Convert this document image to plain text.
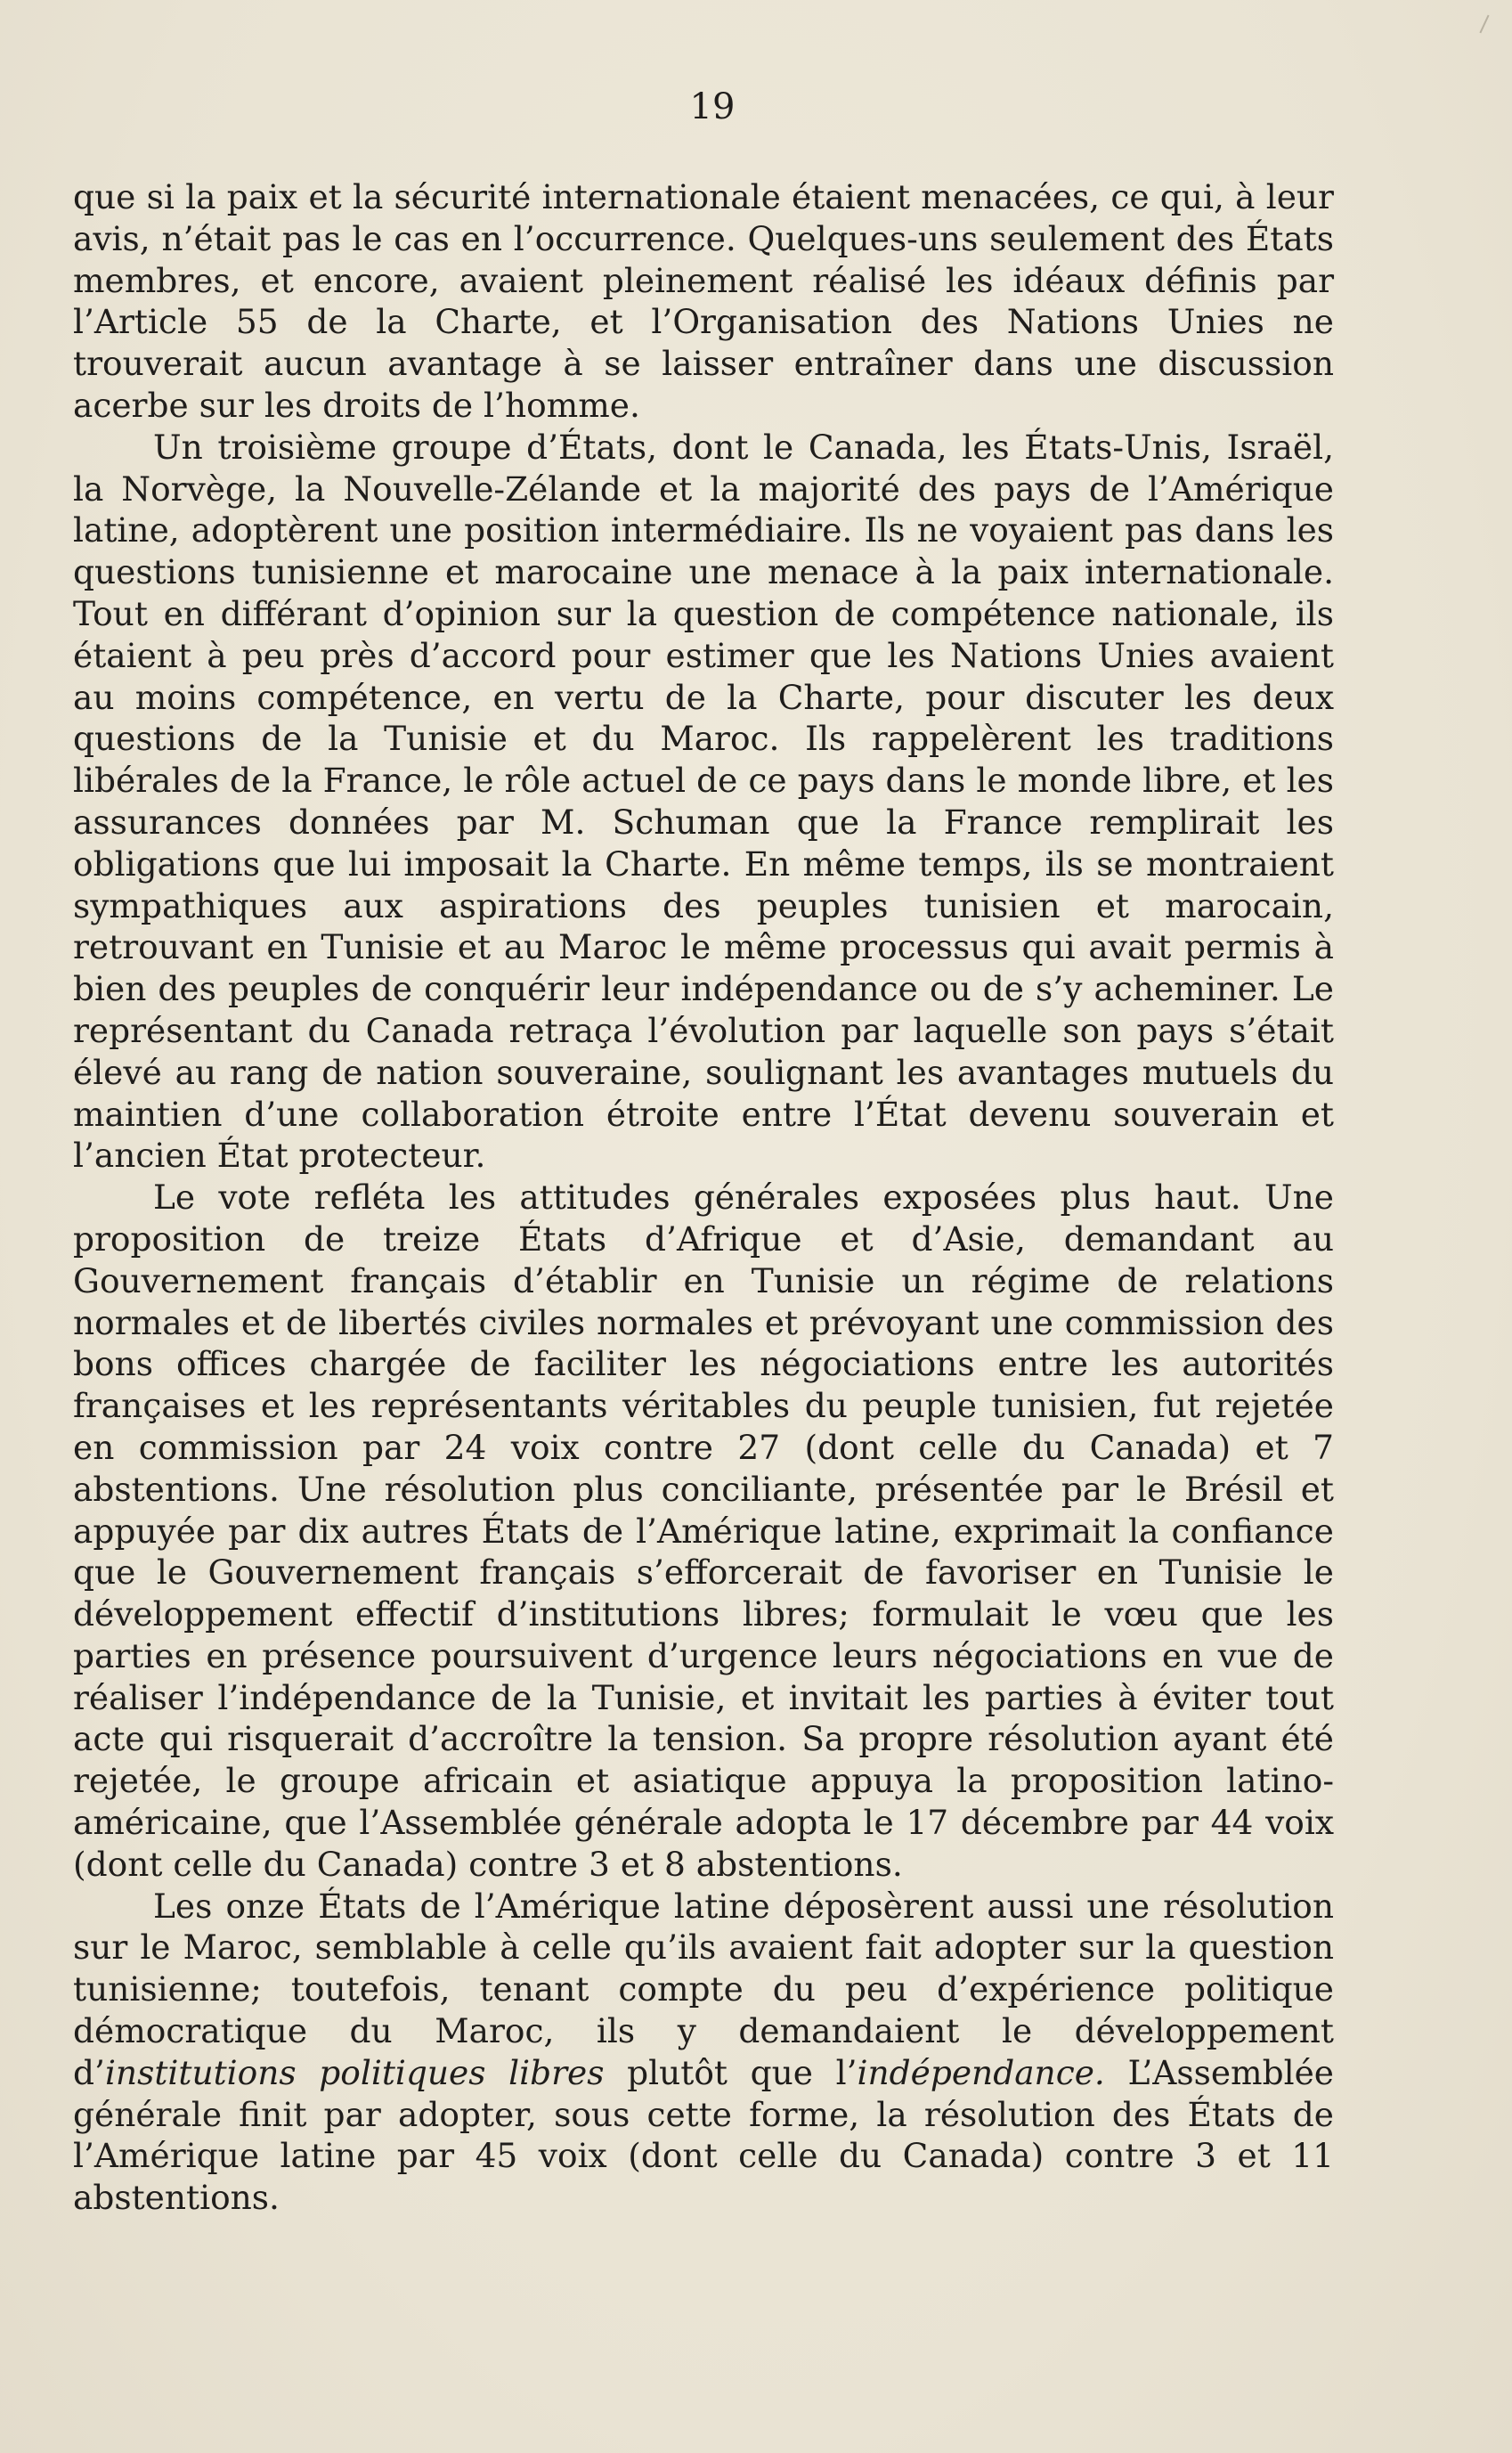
19

que si la paix et la sécurité internationale étaient menacées, ce qui, à leur avis, n’était pas le cas en l’occurrence. Quelques-uns seulement des États membres, et encore, avaient pleinement réalisé les idéaux définis par l’Article 55 de la Charte, et l’Organisation des Nations Unies ne trouverait aucun avantage à se laisser entraîner dans une discussion acerbe sur les droits de l’homme.

Un troisième groupe d’États, dont le Canada, les États-Unis, Israël, la Norvège, la Nouvelle-Zélande et la majorité des pays de l’Amérique latine, adoptèrent une position intermédiaire. Ils ne voyaient pas dans les questions tunisienne et marocaine une menace à la paix internationale. Tout en différant d’opinion sur la question de compétence nationale, ils étaient à peu près d’accord pour estimer que les Nations Unies avaient au moins compétence, en vertu de la Charte, pour discuter les deux questions de la Tunisie et du Maroc. Ils rappelèrent les traditions libérales de la France, le rôle actuel de ce pays dans le monde libre, et les assurances données par M. Schuman que la France remplirait les obligations que lui imposait la Charte. En même temps, ils se montraient sympathiques aux aspirations des peuples tunisien et marocain, retrouvant en Tunisie et au Maroc le même processus qui avait permis à bien des peuples de conquérir leur indépendance ou de s’y acheminer. Le représentant du Canada retraça l’évolution par laquelle son pays s’était élevé au rang de nation souveraine, soulignant les avantages mutuels du maintien d’une collaboration étroite entre l’État devenu souverain et l’ancien État protecteur.

Le vote refléta les attitudes générales exposées plus haut. Une proposition de treize États d’Afrique et d’Asie, demandant au Gouvernement français d’établir en Tunisie un régime de relations normales et de libertés civiles normales et prévoyant une commission des bons offices chargée de faciliter les négociations entre les autorités françaises et les représentants véritables du peuple tunisien, fut rejetée en commission par 24 voix contre 27 (dont celle du Canada) et 7 abstentions. Une résolution plus conciliante, présentée par le Brésil et appuyée par dix autres États de l’Amérique latine, exprimait la confiance que le Gouvernement français s’efforcerait de favoriser en Tunisie le développement effectif d’institutions libres; formulait le vœu que les parties en présence poursuivent d’urgence leurs négociations en vue de réaliser l’indépendance de la Tunisie, et invitait les parties à éviter tout acte qui risquerait d’accroître la tension. Sa propre résolution ayant été rejetée, le groupe africain et asiatique appuya la proposition latino-américaine, que l’Assemblée générale adopta le 17 décembre par 44 voix (dont celle du Canada) contre 3 et 8 abstentions.

Les onze États de l’Amérique latine déposèrent aussi une résolution sur le Maroc, semblable à celle qu’ils avaient fait adopter sur la question tunisienne; toutefois, tenant compte du peu d’expérience politique démocratique du Maroc, ils y demandaient le développement d’institutions politiques libres plutôt que l’indépendance. L’Assemblée générale finit par adopter, sous cette forme, la résolution des États de l’Amérique latine par 45 voix (dont celle du Canada) contre 3 et 11 abstentions.
